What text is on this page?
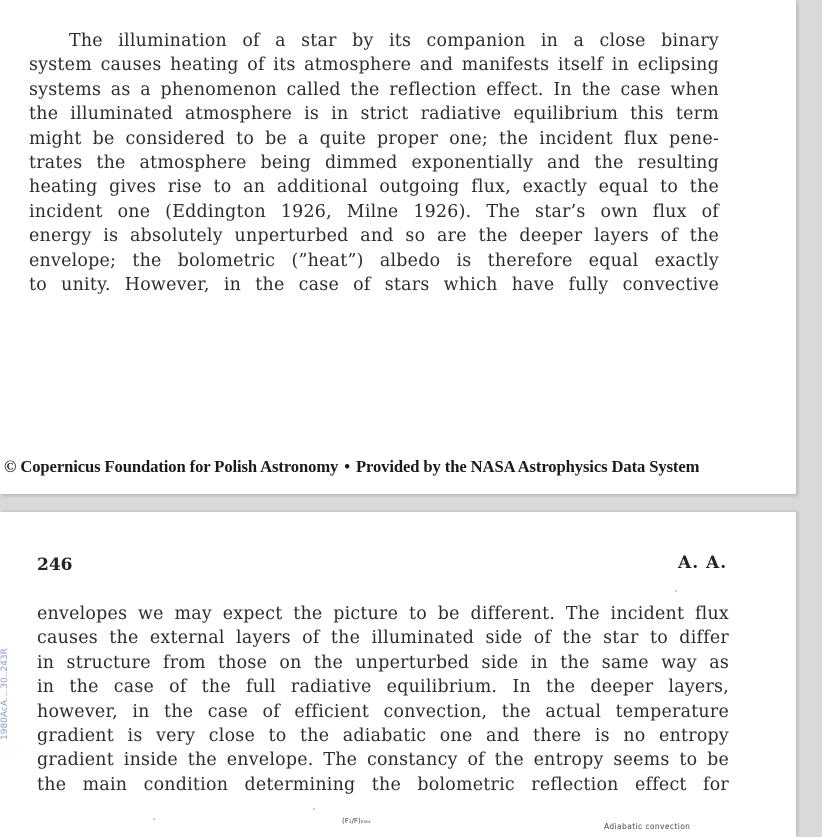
The illumination of a star by its companion in a close binary
system causes heating of its atmosphere and manifests itself in eclipsing
systems as a phenomenon called the reflection effect. In the case when
the illuminated atmosphere is in strict radiative equilibrium this term
might be considered to be a quite proper one; the incident flux pene-
trates the atmosphere being dimmed exponentially and the resulting
heating gives rise to an additional outgoing flux, exactly equal to the
incident one (Eddington 1926, Milne 1926). The star’s own flux of
energy is absolutely unperturbed and so are the deeper layers of the
envelope; the bolometric (”heat”) albedo is therefore equal exactly
to unity. However, in the case of stars which have fully convective
© Copernicus Foundation for Polish Astronomy • Provided by the NASA Astrophysics Data System
1980AcA....30..243R
246	A. A.
envelopes we may expect the picture to be different. The incident flux
causes the external layers of the illuminated side of the star to differ
in structure from those on the unperturbed side in the same way as
in the case of the full radiative equilibrium. In the deeper layers,
however, in the case of efficient convection, the actual temperature
gradient is very close to the adiabatic one and there is no entropy
gradient inside the envelope. The constancy of the entropy seems to be
the main condition determining the bolometric reflection effect for
(F₁/F)ₘₐₓ
Adiabatic convection
